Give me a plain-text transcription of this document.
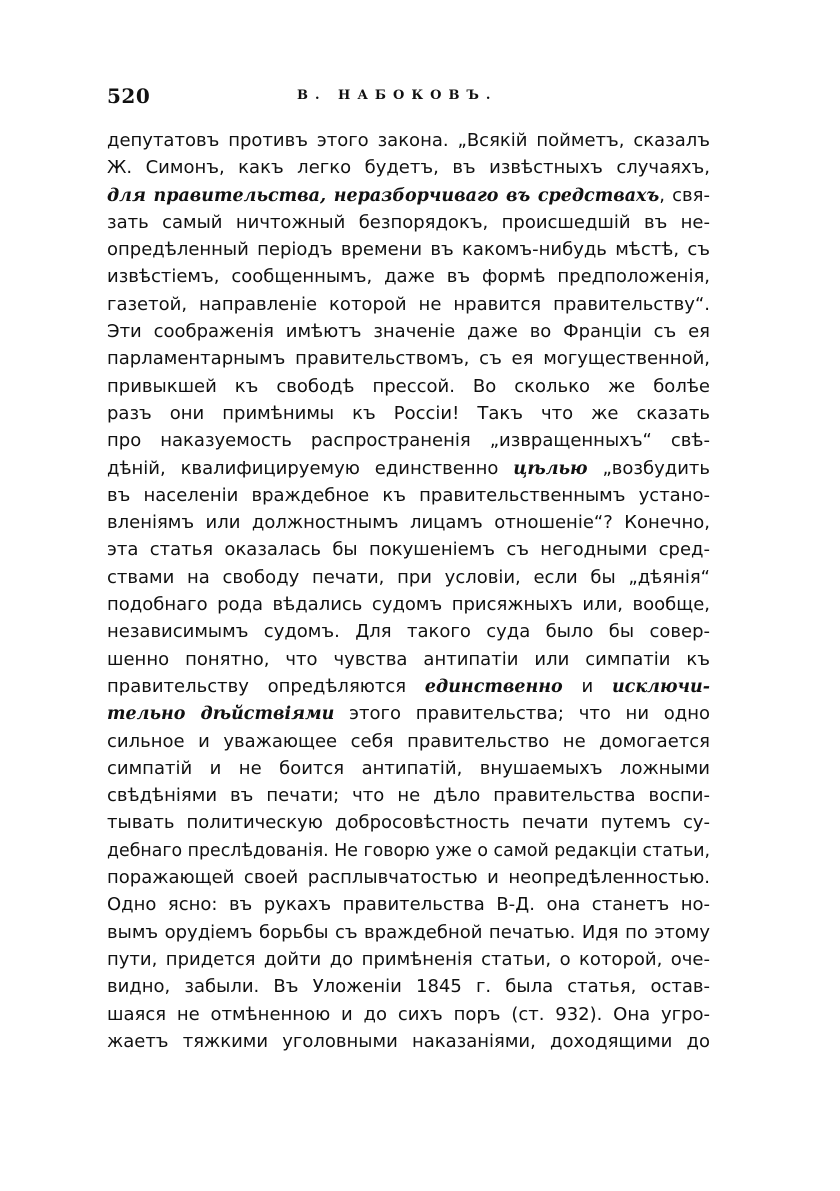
520	В. НАБОКОВЪ.
депутатовъ противъ этого закона. „Всякій пойметъ, сказалъ
Ж. Симонъ, какъ легко будетъ, въ извѣстныхъ случаяхъ,
для правительства, неразборчиваго въ средствахъ, свя-
зать самый ничтожный безпорядокъ, происшедшій въ не-
опредѣленный періодъ времени въ какомъ-нибудь мѣстѣ, съ
извѣстіемъ, сообщеннымъ, даже въ формѣ предположенія,
газетой, направленіе которой не нравится правительству“.
Эти соображенія имѣютъ значеніе даже во Франціи съ ея
парламентарнымъ правительствомъ, съ ея могущественной,
привыкшей къ свободѣ прессой. Во сколько же болѣе
разъ они примѣнимы къ Россіи! Такъ что же сказать
про наказуемость распространенія „извращенныхъ“ свѣ-
дѣній, квалифицируемую единственно цѣлью „возбудить
въ населеніи враждебное къ правительственнымъ устано-
вленіямъ или должностнымъ лицамъ отношеніе“? Конечно,
эта статья оказалась бы покушеніемъ съ негодными сред-
ствами на свободу печати, при условіи, если бы „дѣянія“
подобнаго рода вѣдались судомъ присяжныхъ или, вообще,
независимымъ судомъ. Для такого суда было бы совер-
шенно понятно, что чувства антипатіи или симпатіи къ
правительству опредѣляются единственно и исключи-
тельно дѣйствіями этого правительства; что ни одно
сильное и уважающее себя правительство не домогается
симпатій и не боится антипатій, внушаемыхъ ложными
свѣдѣніями въ печати; что не дѣло правительства воспи-
тывать политическую добросовѣстность печати путемъ су-
дебнаго преслѣдованія. Не говорю уже о самой редакціи статьи,
поражающей своей расплывчатостью и неопредѣленностью.
Одно ясно: въ рукахъ правительства В-Д. она станетъ но-
вымъ орудіемъ борьбы съ враждебной печатью. Идя по этому
пути, придется дойти до примѣненія статьи, о которой, оче-
видно, забыли. Въ Уложеніи 1845 г. была статья, остав-
шаяся не отмѣненною и до сихъ поръ (ст. 932). Она угро-
жаетъ тяжкими уголовными наказаніями, доходящими до
